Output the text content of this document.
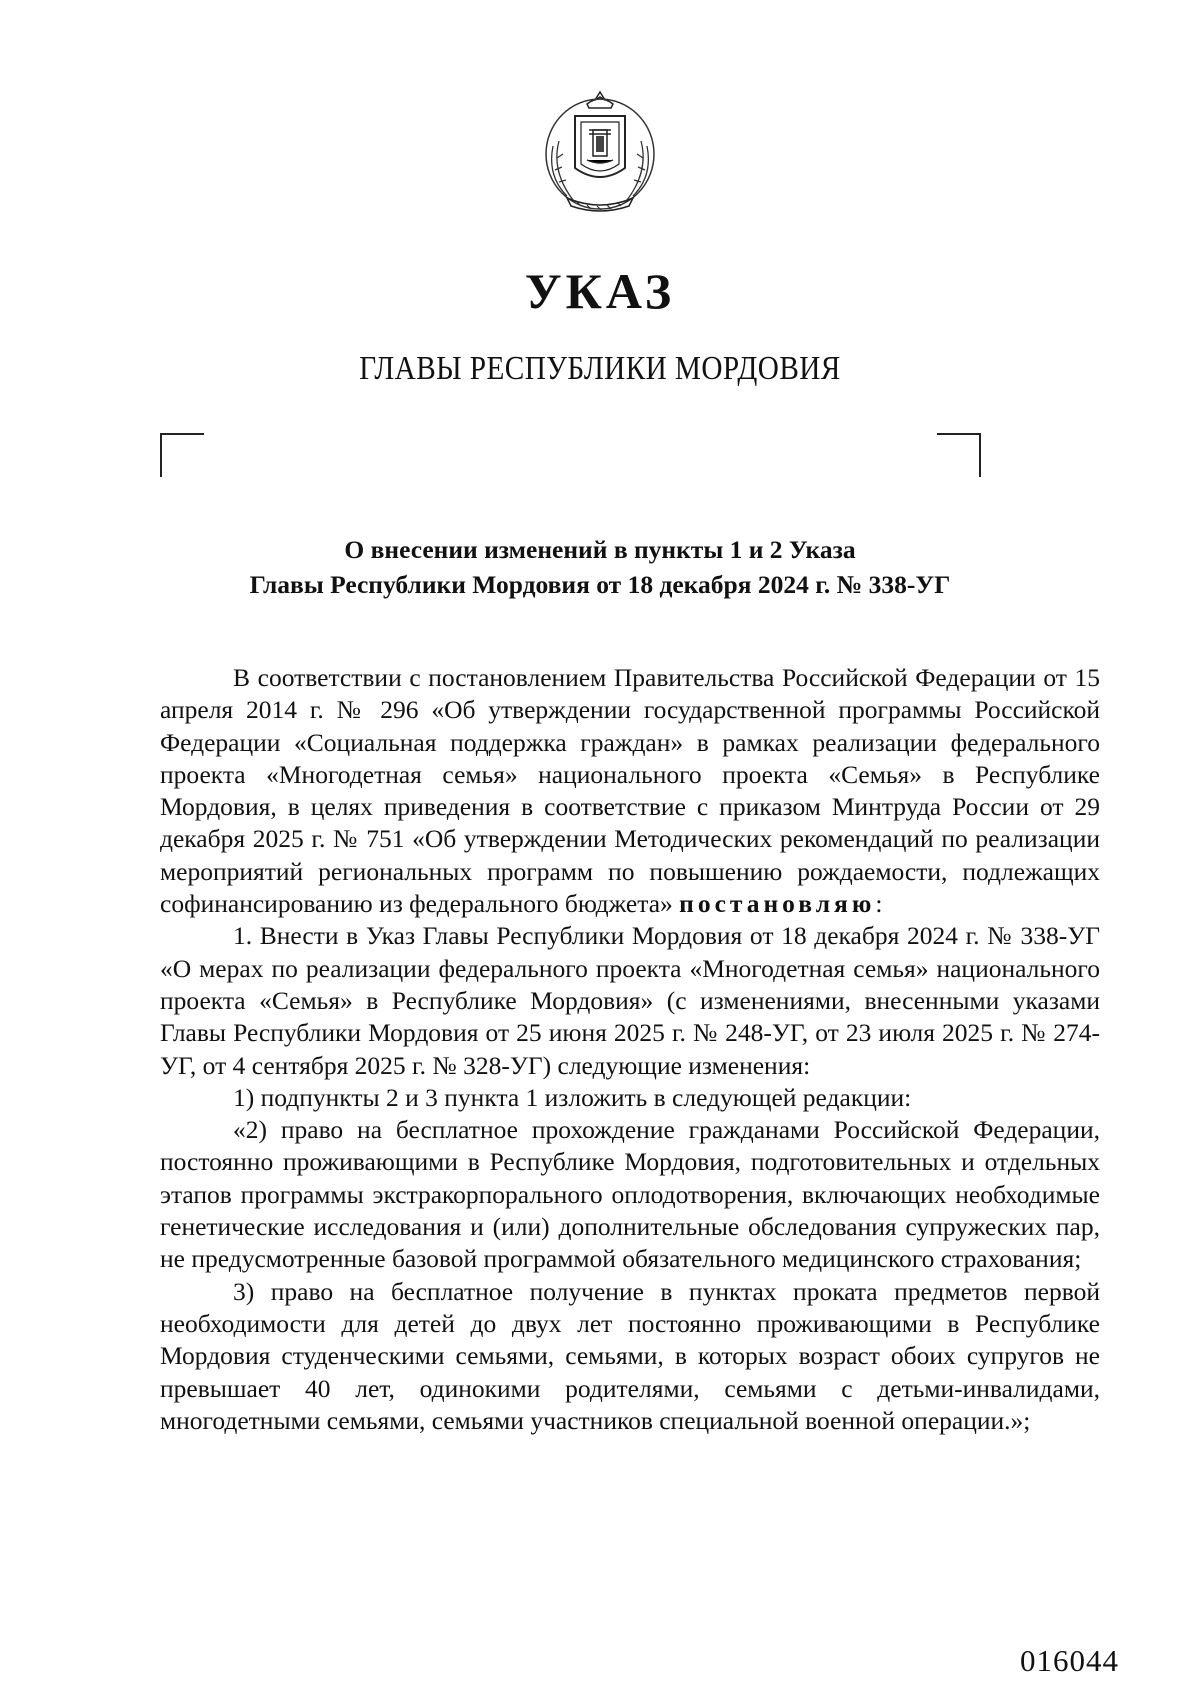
УКАЗ
ГЛАВЫ РЕСПУБЛИКИ МОРДОВИЯ
О внесении изменений в пункты 1 и 2 Указа
Главы Республики Мордовия от 18 декабря 2024 г. № 338-УГ

В соответствии с постановлением Правительства Российской Федерации от 15 апреля 2014 г. № 296 «Об утверждении государственной программы Российской Федерации «Социальная поддержка граждан» в рамках реализации федерального проекта «Многодетная семья» национального проекта «Семья» в Республике Мордовия, в целях приведения в соответствие с приказом Минтруда России от 29 декабря 2025 г. № 751 «Об утверждении Методических рекомендаций по реализации мероприятий региональных программ по повышению рождаемости, подлежащих софинансированию из федерального бюджета» постановляю:

1. Внести в Указ Главы Республики Мордовия от 18 декабря 2024 г. № 338-УГ «О мерах по реализации федерального проекта «Многодетная семья» национального проекта «Семья» в Республике Мордовия» (с изменениями, внесенными указами Главы Республики Мордовия от 25 июня 2025 г. № 248-УГ, от 23 июля 2025 г. № 274-УГ, от 4 сентября 2025 г. № 328-УГ) следующие изменения:

1) подпункты 2 и 3 пункта 1 изложить в следующей редакции:

«2) право на бесплатное прохождение гражданами Российской Федерации, постоянно проживающими в Республике Мордовия, подготовительных и отдельных этапов программы экстракорпорального оплодотворения, включающих необходимые генетические исследования и (или) дополнительные обследования супружеских пар, не предусмотренные базовой программой обязательного медицинского страхования;

3) право на бесплатное получение в пунктах проката предметов первой необходимости для детей до двух лет постоянно проживающими в Республике Мордовия студенческими семьями, семьями, в которых возраст обоих супругов не превышает 40 лет, одинокими родителями, семьями с детьми-инвалидами, многодетными семьями, семьями участников специальной военной операции.»;

016044
